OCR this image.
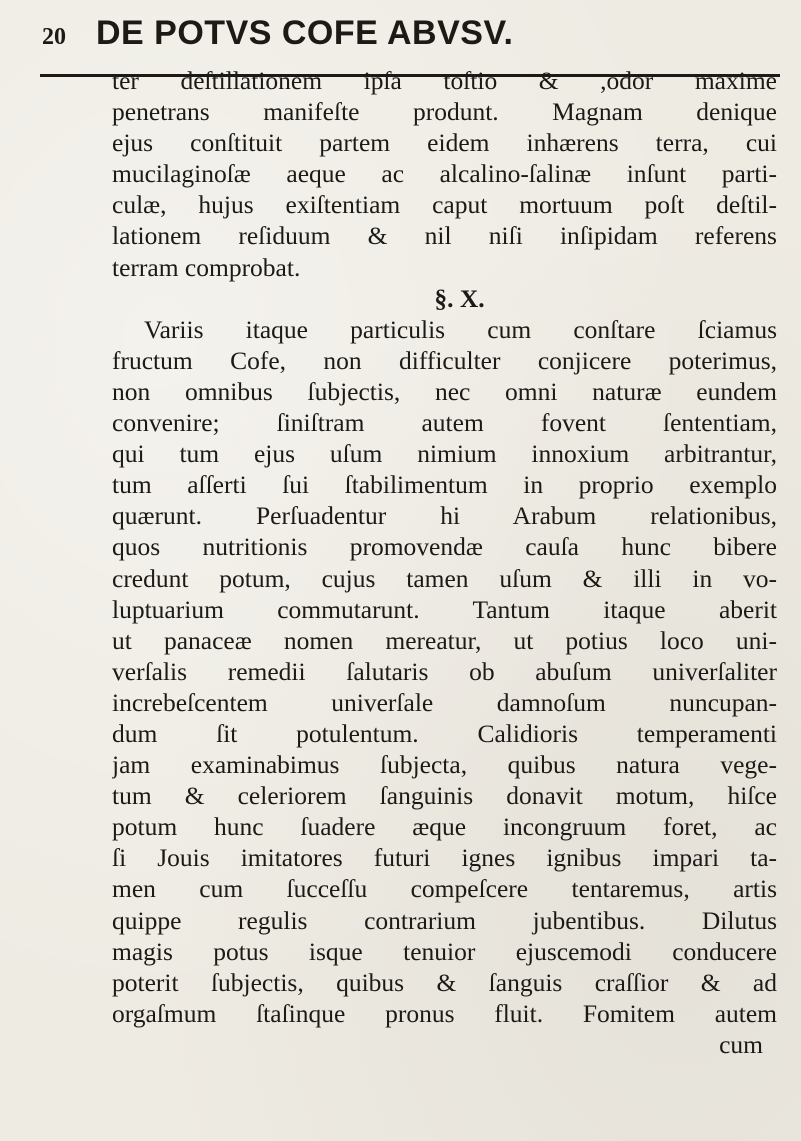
20 DE POTVS COFE ABVSV.
ter deſtillationem ipſa toſtio & ,odor maxime
penetrans manifeſte produnt. Magnam denique
ejus conſtituit partem eidem inhærens terra, cui
mucilaginoſæ aeque ac alcalino-ſalinæ inſunt parti-
culæ, hujus exiſtentiam caput mortuum poſt deſtil-
lationem reſiduum & nil niſi inſipidam referens
terram comprobat.
§. X.
Variis itaque particulis cum conſtare ſciamus
fructum Cofe, non difficulter conjicere poterimus,
non omnibus ſubjectis, nec omni naturæ eundem
convenire; ſiniſtram autem fovent ſententiam,
qui tum ejus uſum nimium innoxium arbitrantur,
tum aſſerti ſui ſtabilimentum in proprio exemplo
quærunt. Perſuadentur hi Arabum relationibus,
quos nutritionis promovendæ cauſa hunc bibere
credunt potum, cujus tamen uſum & illi in vo-
luptuarium commutarunt. Tantum itaque aberit
ut panaceæ nomen mereatur, ut potius loco uni-
verſalis remedii ſalutaris ob abuſum univerſaliter
increbeſcentem univerſale damnoſum nuncupan-
dum ſit potulentum. Calidioris temperamenti
jam examinabimus ſubjecta, quibus natura vege-
tum & celeriorem ſanguinis donavit motum, hiſce
potum hunc ſuadere æque incongruum foret, ac
ſi Jouis imitatores futuri ignes ignibus impari ta-
men cum ſucceſſu compeſcere tentaremus, artis
quippe regulis contrarium jubentibus. Dilutus
magis potus isque tenuior ejuscemodi conducere
poterit ſubjectis, quibus & ſanguis craſſior & ad
orgaſmum ſtaſinque pronus fluit. Fomitem autem
cum
